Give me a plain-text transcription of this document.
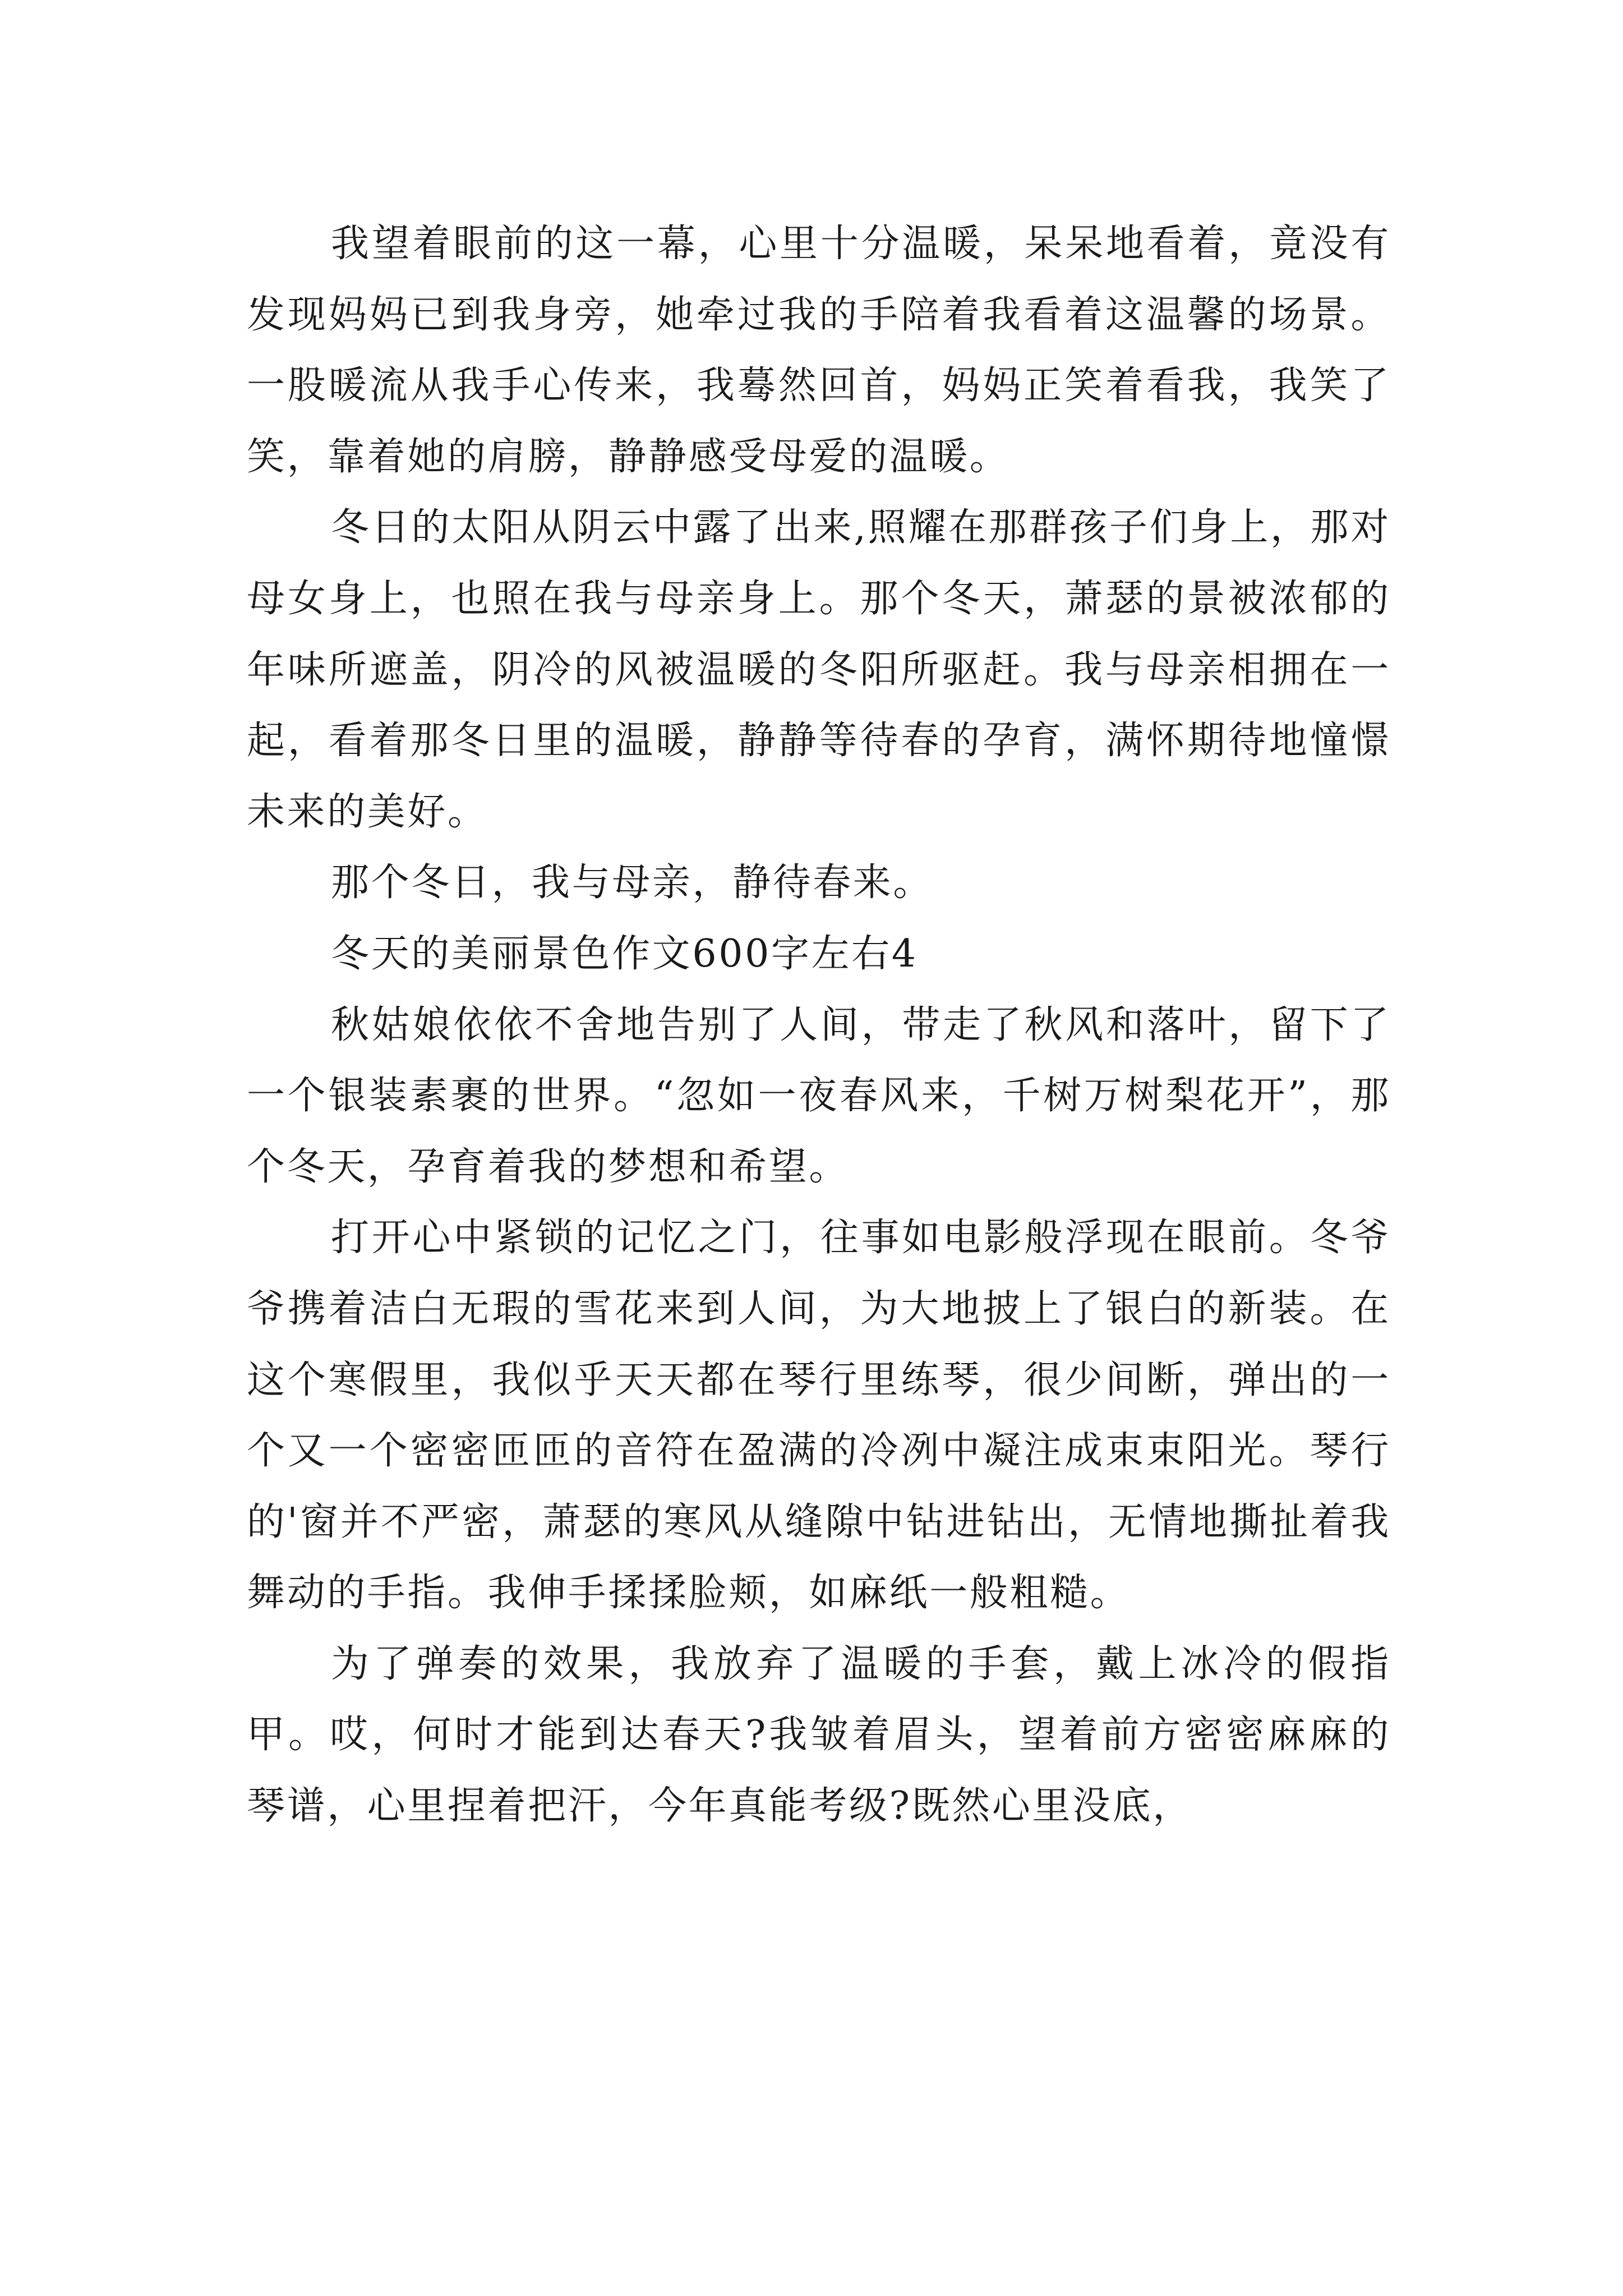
我望着眼前的这一幕，心里十分温暖，呆呆地看着，竟没有发现妈妈已到我身旁，她牵过我的手陪着我看着这温馨的场景。一股暖流从我手心传来，我蓦然回首，妈妈正笑着看我，我笑了笑，靠着她的肩膀，静静感受母爱的温暖。

冬日的太阳从阴云中露了出来,照耀在那群孩子们身上，那对母女身上，也照在我与母亲身上。那个冬天，萧瑟的景被浓郁的年味所遮盖，阴冷的风被温暖的冬阳所驱赶。我与母亲相拥在一起，看着那冬日里的温暖，静静等待春的孕育，满怀期待地憧憬未来的美好。

那个冬日，我与母亲，静待春来。

冬天的美丽景色作文600字左右4

秋姑娘依依不舍地告别了人间，带走了秋风和落叶，留下了一个银装素裹的世界。“忽如一夜春风来，千树万树梨花开”，那个冬天，孕育着我的梦想和希望。

打开心中紧锁的记忆之门，往事如电影般浮现在眼前。冬爷爷携着洁白无瑕的雪花来到人间，为大地披上了银白的新装。在这个寒假里，我似乎天天都在琴行里练琴，很少间断，弹出的一个又一个密密匝匝的音符在盈满的冷冽中凝注成束束阳光。琴行的'窗并不严密，萧瑟的寒风从缝隙中钻进钻出，无情地撕扯着我舞动的手指。我伸手揉揉脸颊，如麻纸一般粗糙。

为了弹奏的效果，我放弃了温暖的手套，戴上冰冷的假指甲。哎，何时才能到达春天?我皱着眉头，望着前方密密麻麻的琴谱，心里捏着把汗，今年真能考级?既然心里没底，
